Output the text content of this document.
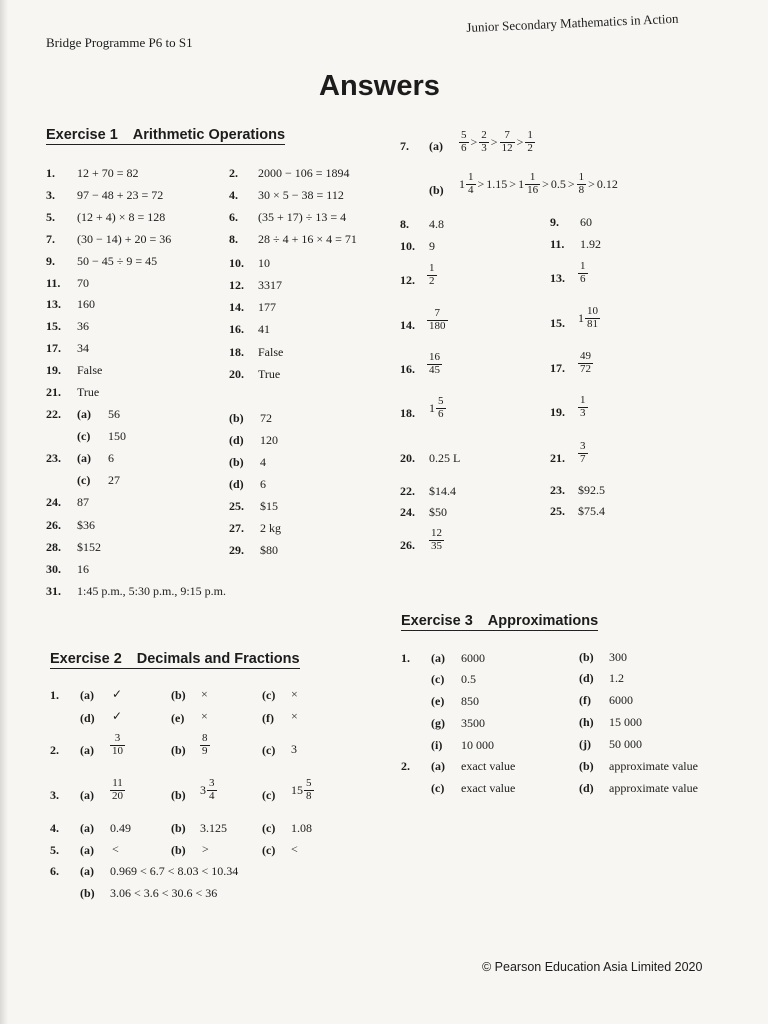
Bridge Programme P6 to S1
Junior Secondary Mathematics in Action
Answers
Exercise 1 Arithmetic Operations
1. 12 + 70 = 82	2. 2000 − 106 = 1894
3. 97 − 48 + 23 = 72	4. 30 × 5 − 38 = 112
5. (12 + 4) × 8 = 128	6. (35 + 17) ÷ 13 = 4
7. (30 − 14) + 20 = 36	8. 28 ÷ 4 + 16 × 4 = 71
9. 50 − 45 ÷ 9 = 45	10. 10
11. 70	12. 3317
13. 160	14. 177
15. 36	16. 41
17. 34	18. False
19. False	20. True
21. True
22. (a) 56	(b) 72
(c) 150	(d) 120
23. (a) 6	(b) 4
(c) 27	(d) 6
24. 87	25. $15
26. $36	27. 2 kg
28. $152	29. $80
30. 16
31. 1:45 p.m., 5:30 p.m., 9:15 p.m.
Exercise 2 Decimals and Fractions
1. (a) ✓	(b) ×	(c) ×
(d) ✓	(e) ×	(f) ×
2. $(a) \frac{3}{10}$	$(b) \frac{8}{9}$	(c) 3
3. $(a) \frac{11}{20}$	(b) $3 \frac{3}{4}$	(c) $15 \frac{5}{8}$
4. (a) 0.49	(b) 3.125	(c) 1.08
5. (a) <	(b) >	(c) <
6. (a) 0.969 < 6.7 < 8.03 < 10.34
(b) 3.06 < 3.6 < 30.6 < 36
7. $(a) \frac{5}{6} > \frac{2}{3} > \frac{7}{12} > \frac{1}{2}$
(b) $1 \frac{1}{4} > 1.15 > 1 \frac{1}{16} > 0.5 > \frac{1}{8} > 0.12$
8. 4.8	9. 60
10. 9	11. 1.92
12. $\frac{1}{2}$	13. $\frac{1}{6}$
14. $\frac{7}{180}$	15. $1 \frac{10}{81}$
16. $\frac{16}{45}$	17. $\frac{49}{72}$
18. $1 \frac{5}{6}$	19. $\frac{1}{3}$
20. 0.25 L	21. $\frac{3}{7}$
22. $14.4	23. $92.5
24. $50	25. $75.4
26. $\frac{12}{35}$
Exercise 3 Approximations
1. (a) 6000	(b) 300
(c) 0.5	(d) 1.2
(e) 850	(f) 6000
(g) 3500	(h) 15 000
(i) 10 000	(j) 50 000
2. (a) exact value	(b) approximate value
(c) exact value	(d) approximate value
© Pearson Education Asia Limited 2020
